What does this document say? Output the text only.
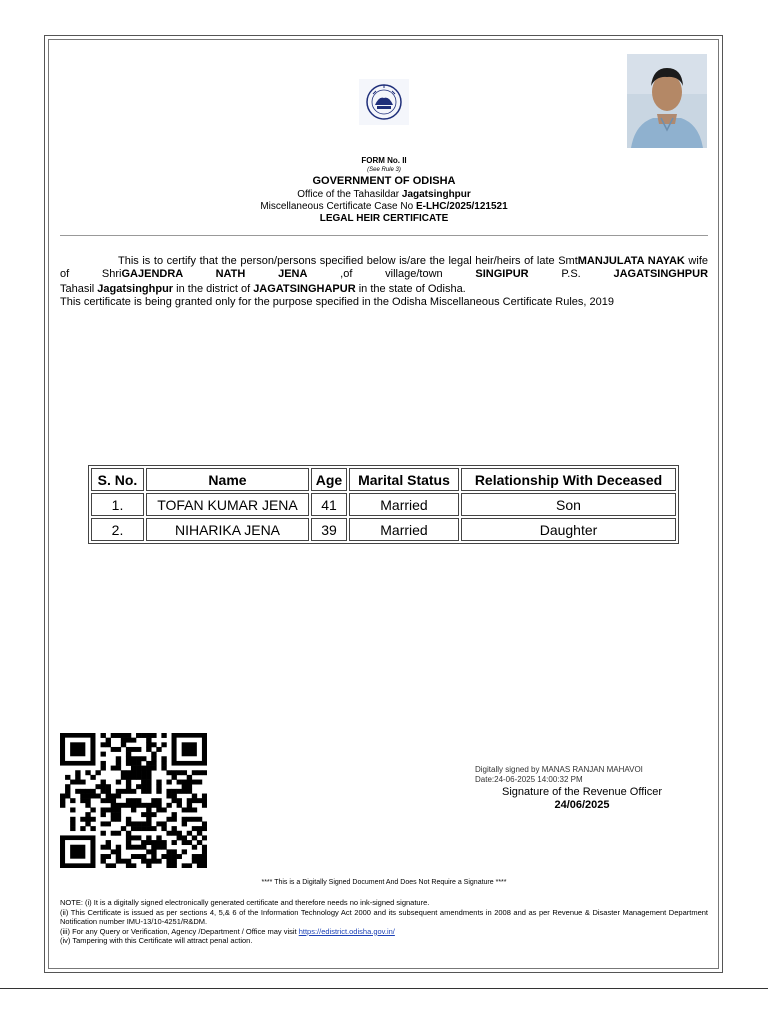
FORM No. II
(See Rule 3)
GOVERNMENT OF ODISHA
Office of the Tahasildar Jagatsinghpur
Miscellaneous Certificate Case No E-LHC/2025/121521
LEGAL HEIR CERTIFICATE
This is to certify that the person/persons specified below is/are the legal heir/heirs of late SmtMANJULATA NAYAK wife of ShriGAJENDRA NATH JENA ,of village/town SINGIPUR P.S. JAGATSINGHPUR
Tahasil Jagatsinghpur in the district of JAGATSINGHAPUR in the state of Odisha.
This certificate is being granted only for the purpose specified in the Odisha Miscellaneous Certificate Rules, 2019
S. No.	Name	Age	Marital Status	Relationship With Deceased
1.	TOFAN KUMAR JENA	41	Married	Son
2.	NIHARIKA JENA	39	Married	Daughter
Digitally signed by MANAS RANJAN MAHAVOI
Date:24-06-2025 14:00:32 PM
Signature of the Revenue Officer
24/06/2025
**** This is a Digitally Signed Document And Does Not Require a Signature ****
NOTE: (i) It is a digitally signed electronically generated certificate and therefore needs no ink-signed signature.
(ii) This Certificate is issued as per sections 4, 5,& 6 of the Information Technology Act 2000 and its subsequent amendments in 2008 and as per Revenue & Disaster Management Department Notification number IMU-13/10-4251/R&DM.
(iii) For any Query or Verification, Agency /Department / Office may visit https://edistrict.odisha.gov.in/
(iv) Tampering with this Certificate will attract penal action.
